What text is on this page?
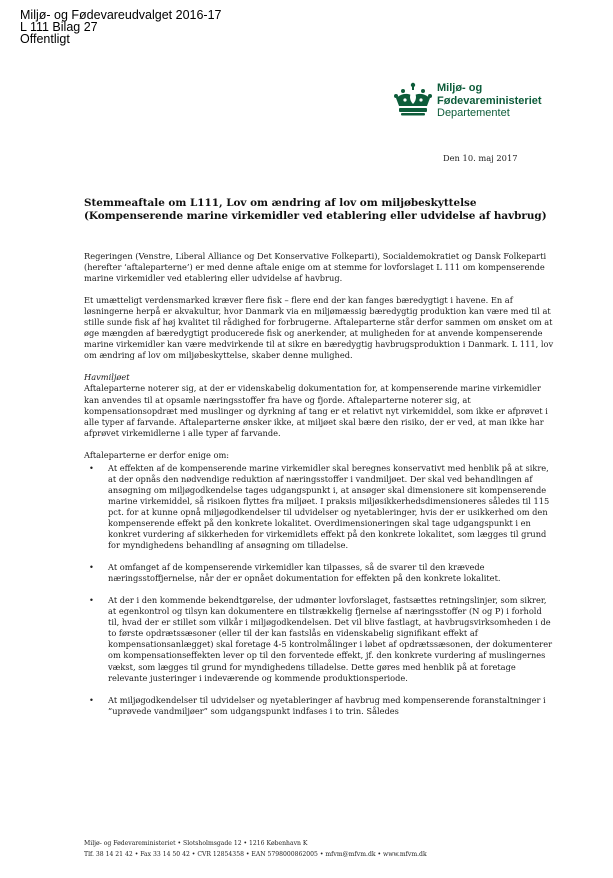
Miljø- og Fødevareudvalget 2016-17
L 111 Bilag 27
Offentligt
Miljø- og
Fødevareministeriet
Departementet
Den 10. maj 2017
Stemmeaftale om L111, Lov om ændring af lov om miljøbeskyttelse
(Kompenserende marine virkemidler ved etablering eller udvidelse af havbrug)

Regeringen (Venstre, Liberal Alliance og Det Konservative Folkeparti), Socialdemokratiet og Dansk Folkeparti (herefter ‘aftaleparterne’) er med denne aftale enige om at stemme for lovforslaget L 111 om kompenserende marine virkemidler ved etablering eller udvidelse af havbrug.

Et umætteligt verdensmarked kræver flere fisk – flere end der kan fanges bæredygtigt i havene. En af løsningerne herpå er akvakultur, hvor Danmark via en miljømæssig bæredygtig produktion kan være med til at stille sunde fisk af høj kvalitet til rådighed for forbrugerne. Aftaleparterne står derfor sammen om ønsket om at øge mængden af bæredygtigt producerede fisk og anerkender, at muligheden for at anvende kompenserende marine virkemidler kan være medvirkende til at sikre en bæredygtig havbrugsproduktion i Danmark. L 111, lov om ændring af lov om miljøbeskyttelse, skaber denne mulighed.

Havmiljøet

Aftaleparterne noterer sig, at der er videnskabelig dokumentation for, at kompenserende marine virkemidler kan anvendes til at opsamle næringsstoffer fra have og fjorde. Aftaleparterne noterer sig, at kompensationsopdræt med muslinger og dyrkning af tang er et relativt nyt virkemiddel, som ikke er afprøvet i alle typer af farvande. Aftaleparterne ønsker ikke, at miljøet skal bære den risiko, der er ved, at man ikke har afprøvet virkemidlerne i alle typer af farvande.

Aftaleparterne er derfor enige om:

• At effekten af de kompenserende marine virkemidler skal beregnes konservativt med henblik på at sikre, at der opnås den nødvendige reduktion af næringsstoffer i vandmiljøet. Der skal ved behandlingen af ansøgning om miljøgodkendelse tages udgangspunkt i, at ansøger skal dimensionere sit kompenserende marine virkemiddel, så risikoen flyttes fra miljøet. I praksis miljøsikkerhedsdimensioneres således til 115 pct. for at kunne opnå miljøgodkendelser til udvidelser og nyetableringer, hvis der er usikkerhed om den kompenserende effekt på den konkrete lokalitet. Overdimensioneringen skal tage udgangspunkt i en konkret vurdering af sikkerheden for virkemidlets effekt på den konkrete lokalitet, som lægges til grund for myndighedens behandling af ansøgning om tilladelse.
• At omfanget af de kompenserende virkemidler kan tilpasses, så de svarer til den krævede næringsstoffjernelse, når der er opnået dokumentation for effekten på den konkrete lokalitet.
• At der i den kommende bekendtgørelse, der udmønter lovforslaget, fastsættes retningslinjer, som sikrer, at egenkontrol og tilsyn kan dokumentere en tilstrækkelig fjernelse af næringsstoffer (N og P) i forhold til, hvad der er stillet som vilkår i miljøgodkendelsen. Det vil blive fastlagt, at havbrugsvirksomheden i de to første opdrætssæsoner (eller til der kan fastslås en videnskabelig signifikant effekt af kompensationsanlægget) skal foretage 4-5 kontrolmålinger i løbet af opdrætssæsonen, der dokumenterer om kompensationseffekten lever op til den forventede effekt, jf. den konkrete vurdering af muslingernes vækst, som lægges til grund for myndighedens tilladelse. Dette gøres med henblik på at foretage relevante justeringer i indeværende og kommende produktionsperiode.
• At miljøgodkendelser til udvidelser og nyetableringer af havbrug med kompenserende foranstaltninger i ”uprøvede vandmiljøer” som udgangspunkt indfases i to trin. Således
Miljø- og Fødevareministeriet • Slotsholmsgade 12 • 1216 København K
Tlf. 38 14 21 42 • Fax 33 14 50 42 • CVR 12854358 • EAN 5798000862005 • mfvm@mfvm.dk • www.mfvm.dk
